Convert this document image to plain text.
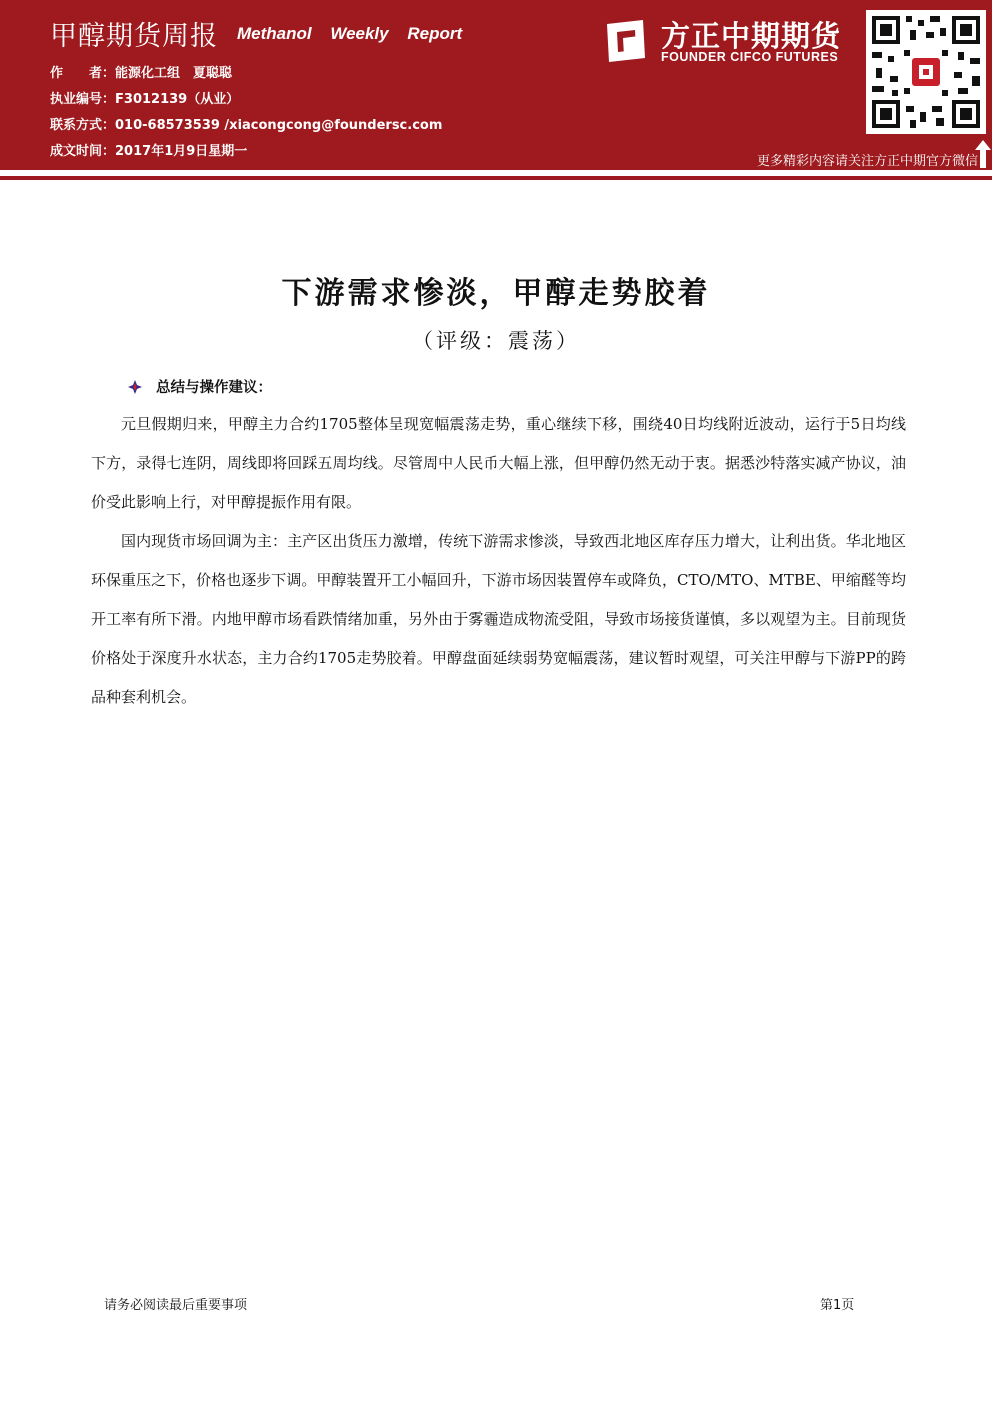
甲醇期货周报 Methanol Weekly Report
作　　者：能源化工组　夏聪聪
执业编号：F3012139（从业）
联系方式：010-68573539 /xiacongcong@foundersc.com
成文时间：2017年1月9日星期一
方正中期期货
FOUNDER CIFCO FUTURES
更多精彩内容请关注方正中期官方微信
下游需求惨淡，甲醇走势胶着
（评级：震荡）
总结与操作建议：

元旦假期归来，甲醇主力合约1705整体呈现宽幅震荡走势，重心继续下移，围绕40日均线附近波动，运行于5日均线下方，录得七连阴，周线即将回踩五周均线。尽管周中人民币大幅上涨，但甲醇仍然无动于衷。据悉沙特落实减产协议，油价受此影响上行，对甲醇提振作用有限。

国内现货市场回调为主：主产区出货压力激增，传统下游需求惨淡，导致西北地区库存压力增大，让利出货。华北地区环保重压之下，价格也逐步下调。甲醇装置开工小幅回升，下游市场因装置停车或降负，CTO/MTO、MTBE、甲缩醛等均开工率有所下滑。内地甲醇市场看跌情绪加重，另外由于雾霾造成物流受阻，导致市场接货谨慎，多以观望为主。目前现货价格处于深度升水状态，主力合约1705走势胶着。甲醇盘面延续弱势宽幅震荡，建议暂时观望，可关注甲醇与下游PP的跨品种套利机会。

请务必阅读最后重要事项	第1页
